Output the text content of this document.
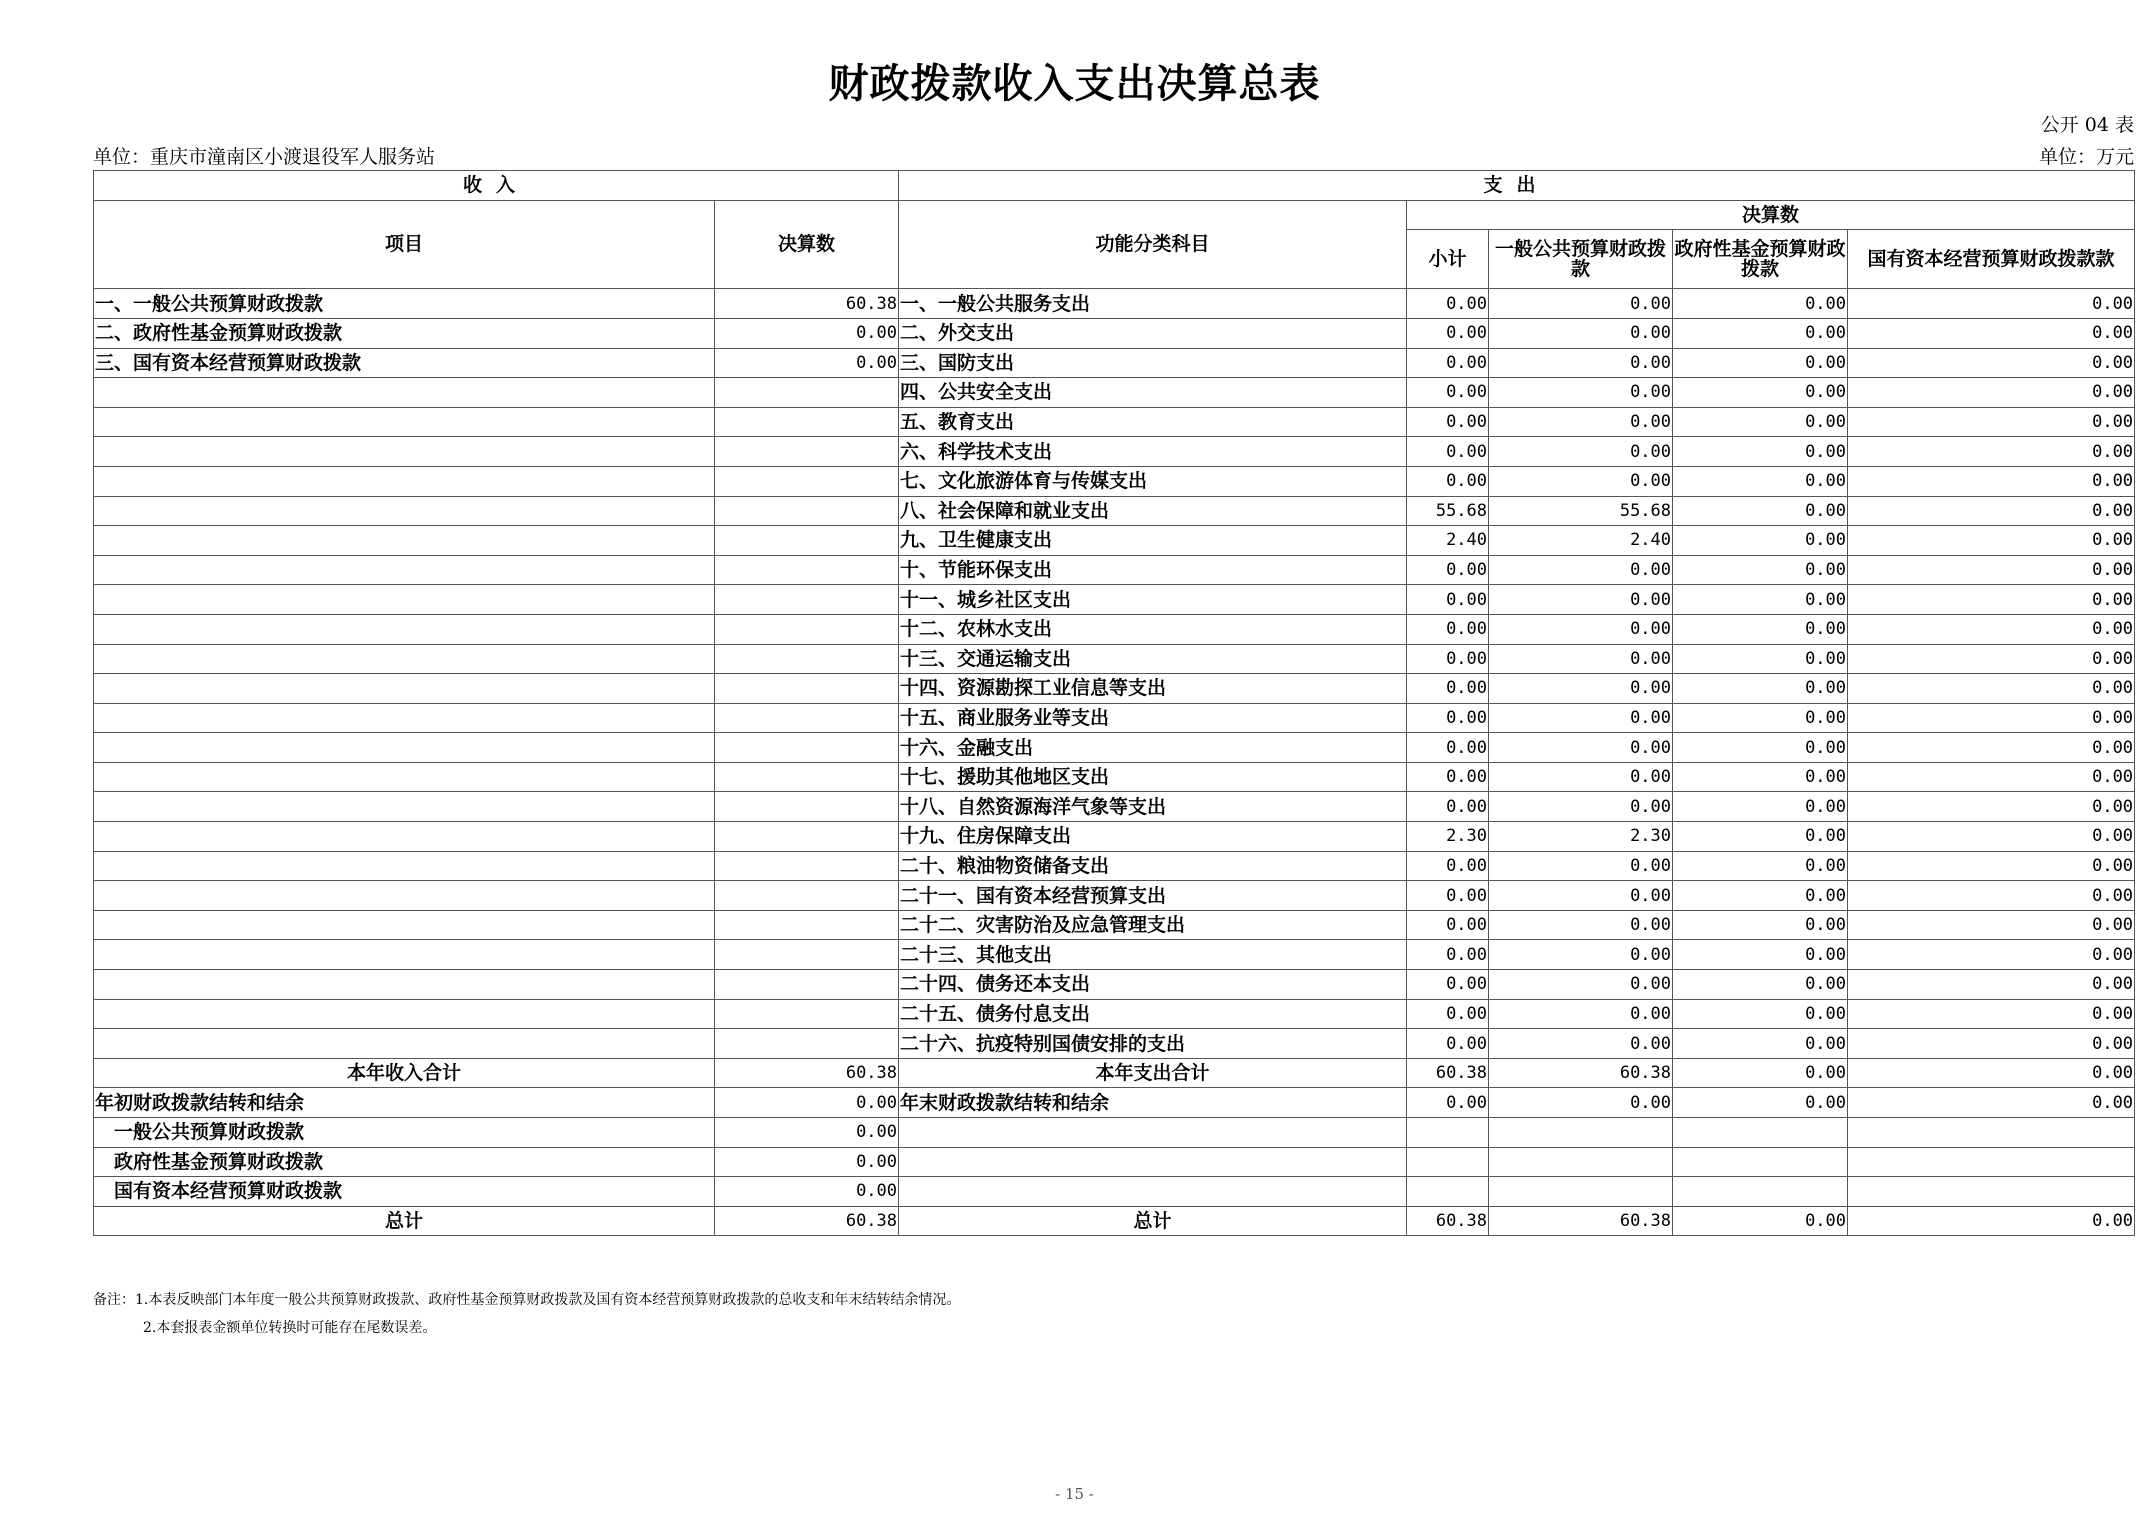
财政拨款收入支出决算总表
公开 04 表
单位：重庆市潼南区小渡退役军人服务站	单位：万元
收入		支出				
项目	决算数	功能分类科目	决算数			
			小计	一般公共预算财政拨款	政府性基金预算财政拨款	国有资本经营预算财政拨款款
一、一般公共预算财政拨款	60.38	一、一般公共服务支出	0.00	0.00	0.00	0.00
二、政府性基金预算财政拨款	0.00	二、外交支出	0.00	0.00	0.00	0.00
三、国有资本经营预算财政拨款	0.00	三、国防支出	0.00	0.00	0.00	0.00
		四、公共安全支出	0.00	0.00	0.00	0.00
		五、教育支出	0.00	0.00	0.00	0.00
		六、科学技术支出	0.00	0.00	0.00	0.00
		七、文化旅游体育与传媒支出	0.00	0.00	0.00	0.00
		八、社会保障和就业支出	55.68	55.68	0.00	0.00
		九、卫生健康支出	2.40	2.40	0.00	0.00
		十、节能环保支出	0.00	0.00	0.00	0.00
		十一、城乡社区支出	0.00	0.00	0.00	0.00
		十二、农林水支出	0.00	0.00	0.00	0.00
		十三、交通运输支出	0.00	0.00	0.00	0.00
		十四、资源勘探工业信息等支出	0.00	0.00	0.00	0.00
		十五、商业服务业等支出	0.00	0.00	0.00	0.00
		十六、金融支出	0.00	0.00	0.00	0.00
		十七、援助其他地区支出	0.00	0.00	0.00	0.00
		十八、自然资源海洋气象等支出	0.00	0.00	0.00	0.00
		十九、住房保障支出	2.30	2.30	0.00	0.00
		二十、粮油物资储备支出	0.00	0.00	0.00	0.00
		二十一、国有资本经营预算支出	0.00	0.00	0.00	0.00
		二十二、灾害防治及应急管理支出	0.00	0.00	0.00	0.00
		二十三、其他支出	0.00	0.00	0.00	0.00
		二十四、债务还本支出	0.00	0.00	0.00	0.00
		二十五、债务付息支出	0.00	0.00	0.00	0.00
		二十六、抗疫特别国债安排的支出	0.00	0.00	0.00	0.00
本年收入合计	60.38	本年支出合计	60.38	60.38	0.00	0.00
年初财政拨款结转和结余	0.00	年末财政拨款结转和结余	0.00	0.00	0.00	0.00
一般公共预算财政拨款	0.00					
政府性基金预算财政拨款	0.00					
国有资本经营预算财政拨款	0.00					
总计	60.38	总计	60.38	60.38	0.00	0.00
备注：1.本表反映部门本年度一般公共预算财政拨款、政府性基金预算财政拨款及国有资本经营预算财政拨款的总收支和年末结转结余情况。
2.本套报表金额单位转换时可能存在尾数误差。
- 15 -
